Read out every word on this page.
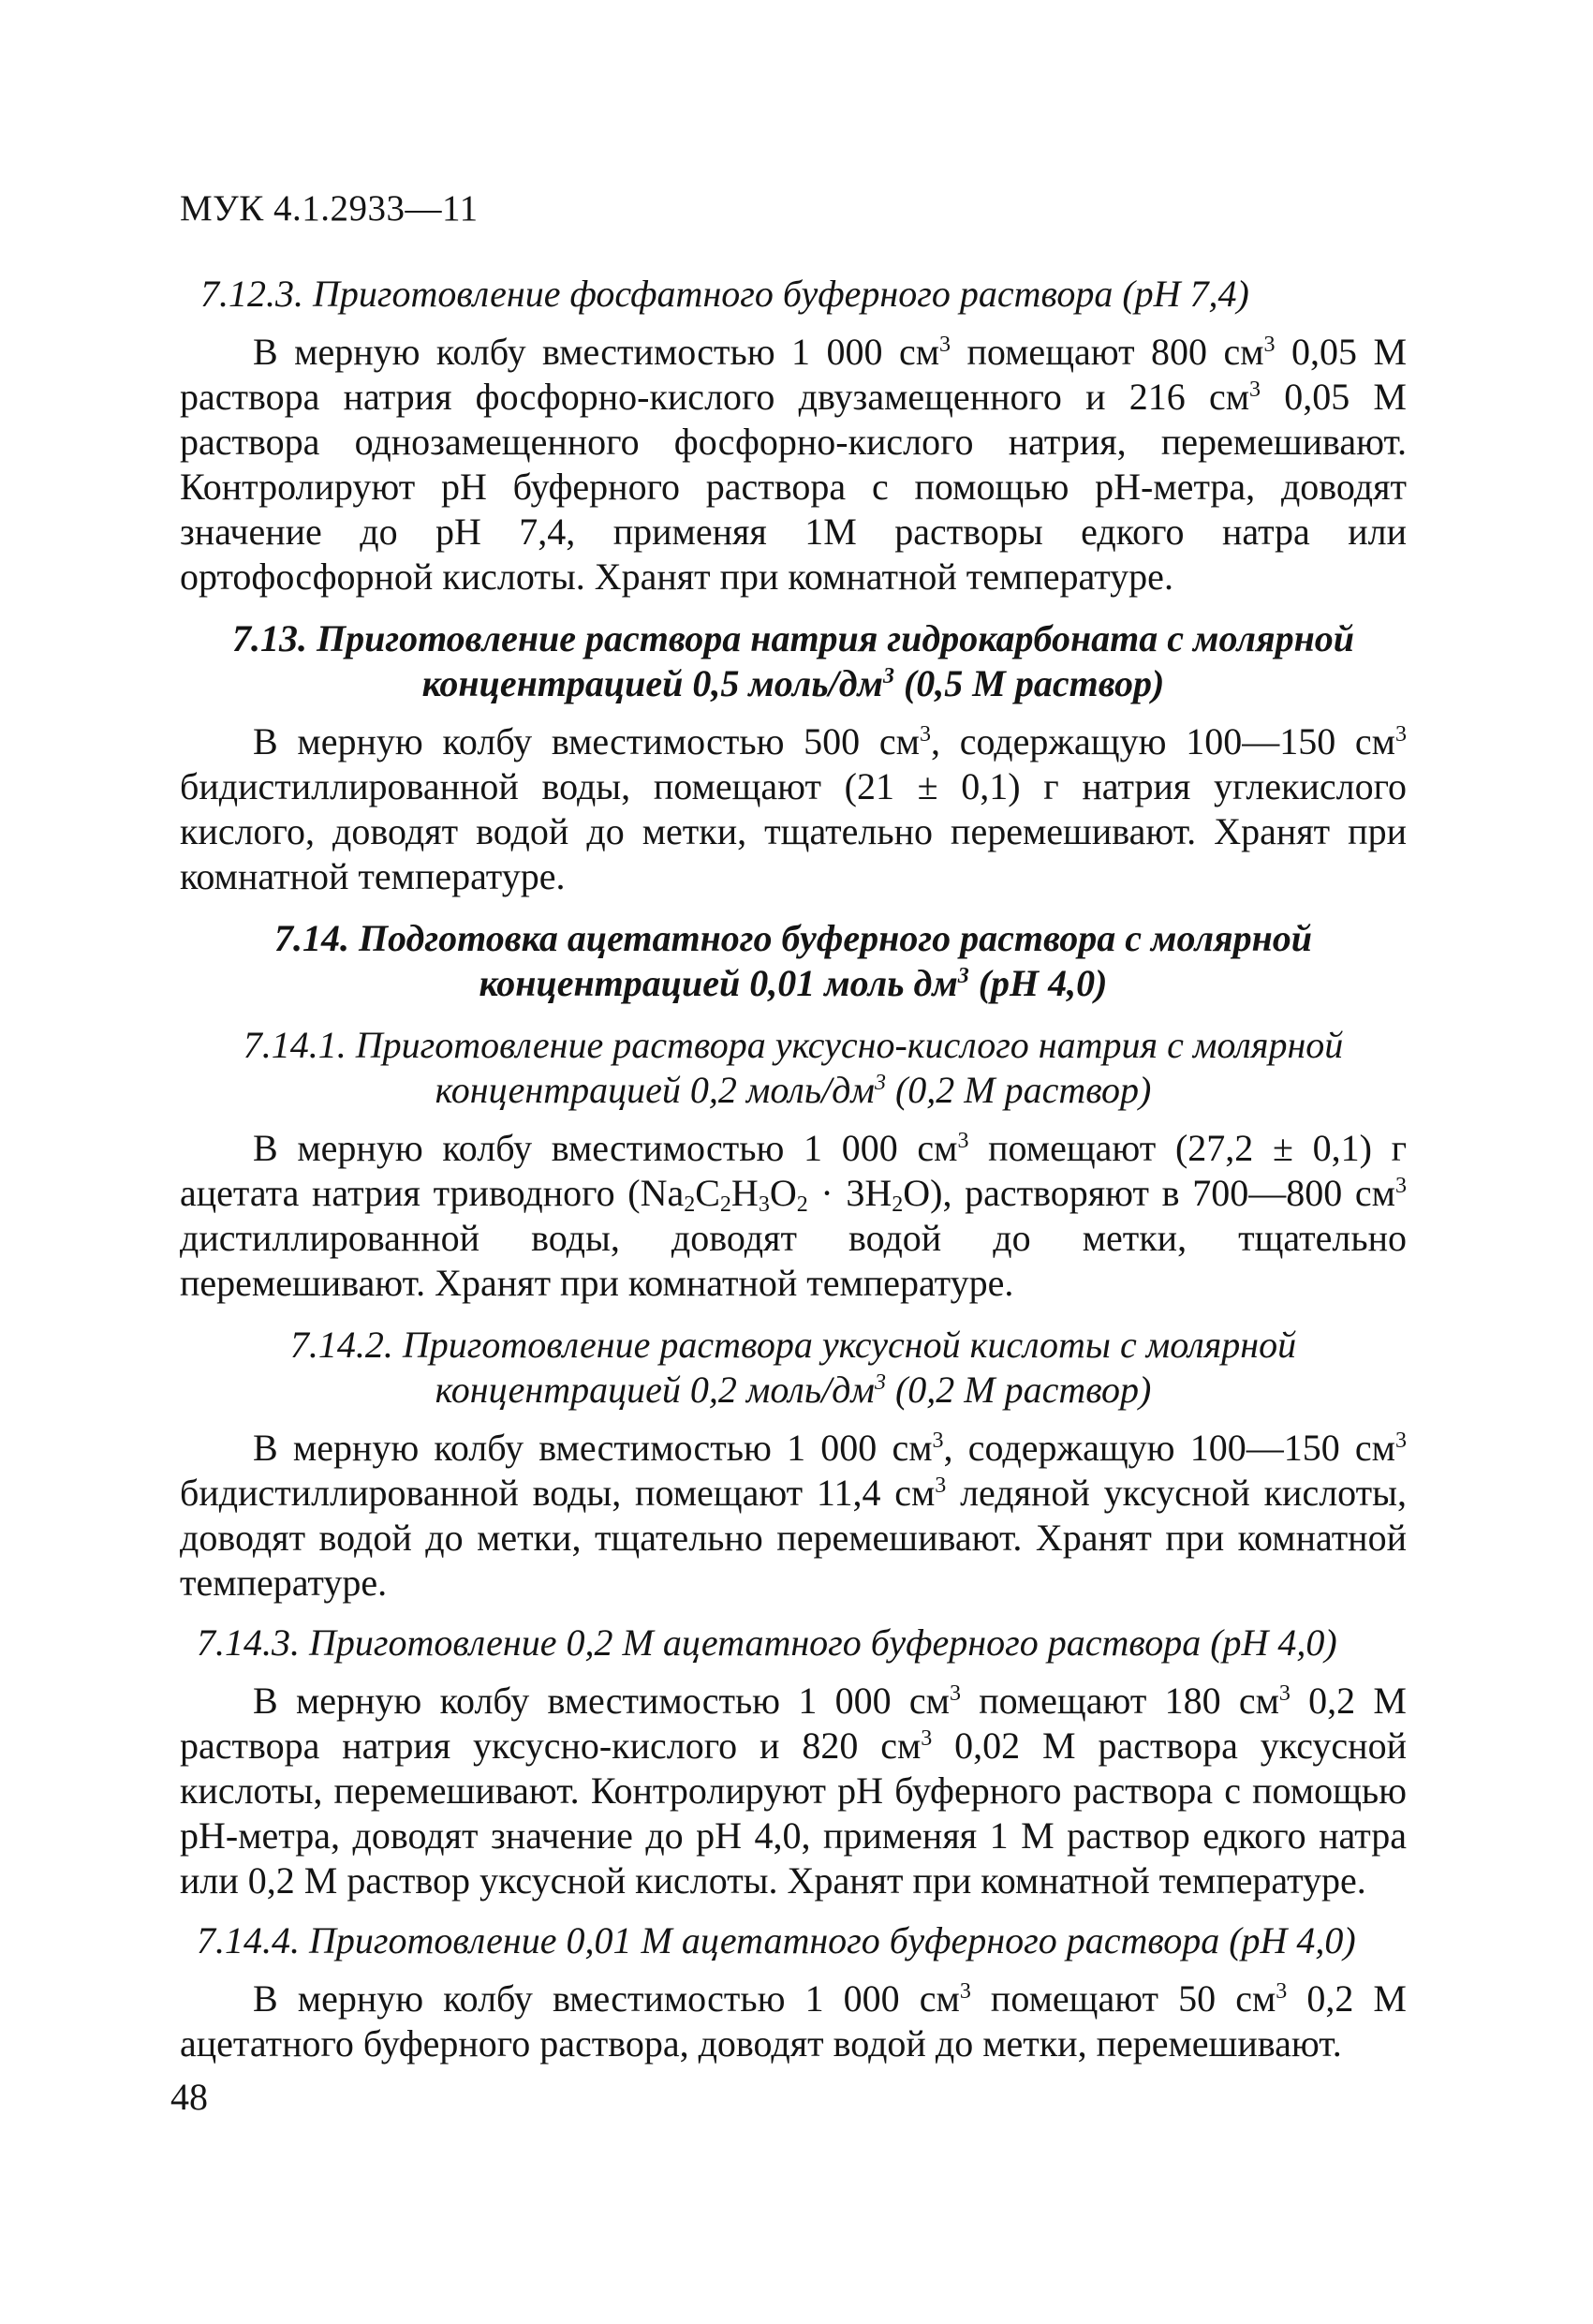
МУК 4.1.2933—11
7.12.3. Приготовление фосфатного буферного раствора (рН 7,4)

В мерную колбу вместимостью 1 000 $см^3$ помещают 800 $см^3$ 0,05 М раствора натрия фосфорно-кислого двузамещенного и 216 $см^3$ 0,05 М раствора однозамещенного фосфорно-кислого натрия, перемешивают. Контролируют рН буферного раствора с помощью рН-метра, доводят значение до рН 7,4, применяя 1М растворы едкого натра или ортофосфорной кислоты. Хранят при комнатной температуре.

7.13. Приготовление раствора натрия гидрокарбоната с молярной
концентрацией 0,5 моль/$дм^3$ (0,5 М раствор)

В мерную колбу вместимостью 500 $см^3$, содержащую 100—150 $см^3$ бидистиллированной воды, помещают (21 ± 0,1) г натрия углекислого кислого, доводят водой до метки, тщательно перемешивают. Хранят при комнатной температуре.

7.14. Подготовка ацетатного буферного раствора с молярной
концентрацией 0,01 моль $дм^3$ (рН 4,0)
7.14.1. Приготовление раствора уксусно-кислого натрия с молярной
концентрацией 0,2 моль/$дм^3$ (0,2 М раствор)

В мерную колбу вместимостью 1 000 $см^3$ помещают (27,2 ± 0,1) г ацетата натрия триводного $(Na_2C_2H_3O_2 \cdot 3H_2O)$, растворяют в 700—800 $см^3$ дистиллированной воды, доводят водой до метки, тщательно перемешивают. Хранят при комнатной температуре.

7.14.2. Приготовление раствора уксусной кислоты с молярной
концентрацией 0,2 моль/$дм^3$ (0,2 М раствор)

В мерную колбу вместимостью 1 000 $см^3$, содержащую 100—150 $см^3$ бидистиллированной воды, помещают 11,4 $см^3$ ледяной уксусной кислоты, доводят водой до метки, тщательно перемешивают. Хранят при комнатной температуре.

7.14.3. Приготовление 0,2 М ацетатного буферного раствора (рН 4,0)

В мерную колбу вместимостью 1 000 $см^3$ помещают 180 $см^3$ 0,2 М раствора натрия уксусно-кислого и 820 $см^3$ 0,02 М раствора уксусной кислоты, перемешивают. Контролируют рН буферного раствора с помощью рН-метра, доводят значение до рН 4,0, применяя 1 М раствор едкого натра или 0,2 М раствор уксусной кислоты. Хранят при комнатной температуре.

7.14.4. Приготовление 0,01 М ацетатного буферного раствора (рН 4,0)

В мерную колбу вместимостью 1 000 $см^3$ помещают 50 $см^3$ 0,2 М ацетатного буферного раствора, доводят водой до метки, перемешивают.

48
